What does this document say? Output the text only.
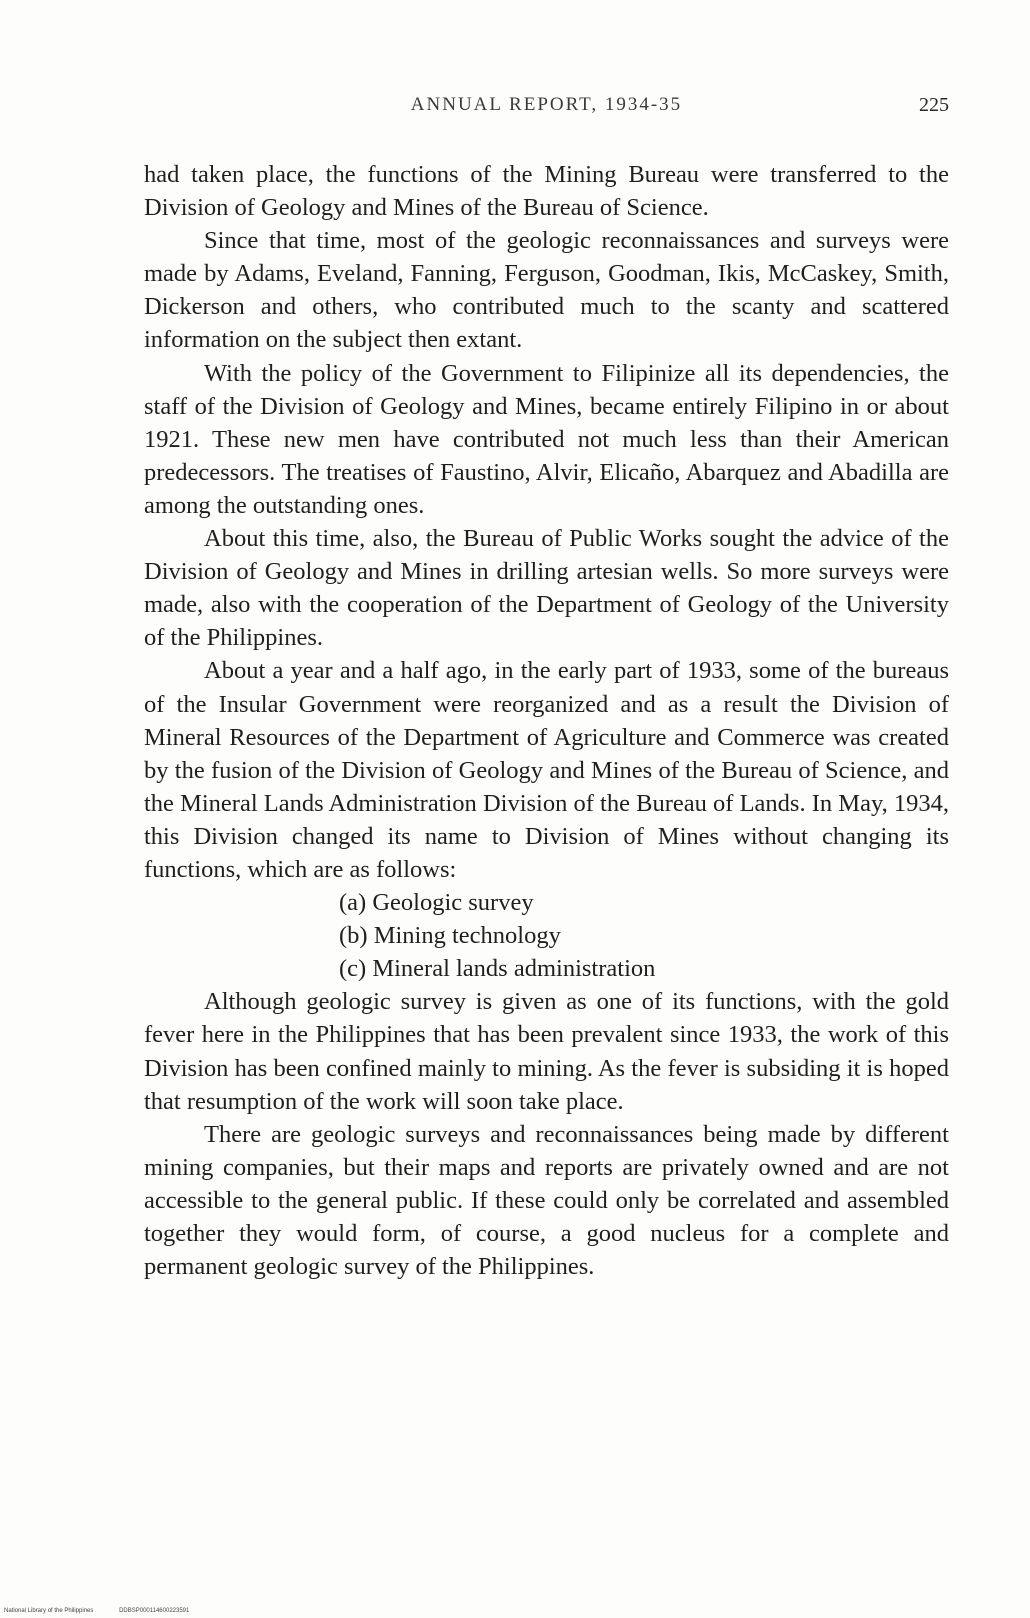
ANNUAL REPORT, 1934-35	225

had taken place, the functions of the Mining Bureau were transferred to the Division of Geology and Mines of the Bureau of Science.

Since that time, most of the geologic reconnaissances and surveys were made by Adams, Eveland, Fanning, Ferguson, Goodman, Ikis, McCaskey, Smith, Dickerson and others, who contributed much to the scanty and scattered information on the subject then extant.

With the policy of the Government to Filipinize all its dependencies, the staff of the Division of Geology and Mines, became entirely Filipino in or about 1921. These new men have contributed not much less than their American predecessors. The treatises of Faustino, Alvir, Elicaño, Abarquez and Abadilla are among the outstanding ones.

About this time, also, the Bureau of Public Works sought the advice of the Division of Geology and Mines in drilling artesian wells. So more surveys were made, also with the cooperation of the Department of Geology of the University of the Philippines.

About a year and a half ago, in the early part of 1933, some of the bureaus of the Insular Government were reorganized and as a result the Division of Mineral Resources of the Department of Agriculture and Commerce was created by the fusion of the Division of Geology and Mines of the Bureau of Science, and the Mineral Lands Administration Division of the Bureau of Lands. In May, 1934, this Division changed its name to Division of Mines without changing its functions, which are as follows:

(a) Geologic survey

(b) Mining technology

(c) Mineral lands administration

Although geologic survey is given as one of its functions, with the gold fever here in the Philippines that has been prevalent since 1933, the work of this Division has been confined mainly to mining. As the fever is subsiding it is hoped that resumption of the work will soon take place.

There are geologic surveys and reconnaissances being made by different mining companies, but their maps and reports are privately owned and are not accessible to the general public. If these could only be correlated and assembled together they would form, of course, a good nucleus for a complete and permanent geologic survey of the Philippines.

National Library of the Philippines	DDBSP000114600223591
